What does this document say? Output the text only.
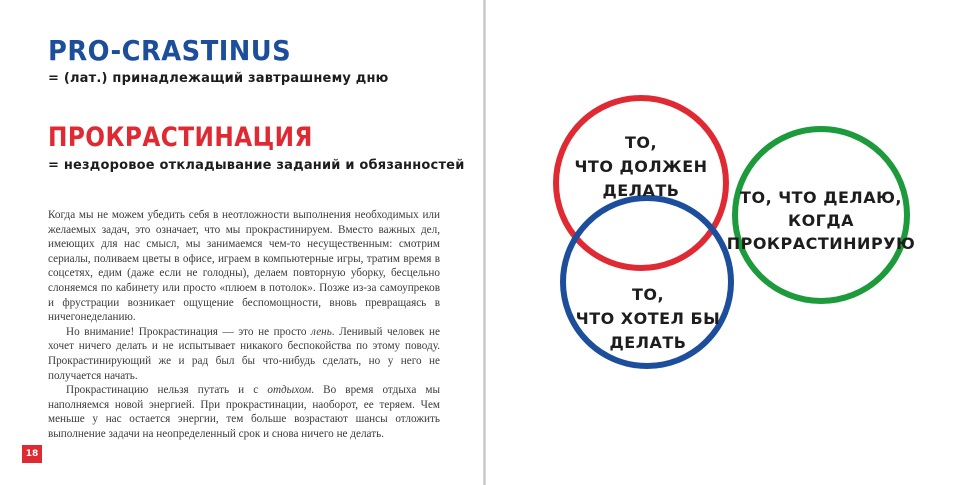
PRO-CRASTINUS
= (лат.) принадлежащий завтрашнему дню
ПРОКРАСТИНАЦИЯ
= нездоровое откладывание заданий и обязанностей

Когда мы не можем убедить себя в неотложности выполнения необходимых или желаемых задач, это означает, что мы прокрастинируем. Вместо важных дел, имеющих для нас смысл, мы занимаемся чем-то несущественным: смотрим сериалы, поливаем цветы в офисе, играем в компьютерные игры, тратим время в соцсетях, едим (даже если не голодны), делаем повторную уборку, бесцельно слоняемся по кабинету или просто «плюем в потолок». Позже из-за самоупреков и фрустрации возникает ощущение беспомощности, вновь превращаясь в ничегонеделанию.

Но внимание! Прокрастинация — это не просто лень. Ленивый человек не хочет ничего делать и не испытывает никакого беспокойства по этому поводу. Прокрастинирующий же и рад был бы что-нибудь сделать, но у него не получается начать.

Прокрастинацию нельзя путать и с отдыхом. Во время отдыха мы наполняемся новой энергией. При прокрастинации, наоборот, ее теряем. Чем меньше у нас остается энергии, тем больше возрастают шансы отложить выполнение задачи на неопределенный срок и снова ничего не делать.

18
ТО,
ЧТО ДОЛЖЕН
ДЕЛАТЬ
ТО,
ЧТО ХОТЕЛ БЫ
ДЕЛАТЬ
ТО, ЧТО ДЕЛАЮ,
КОГДА
ПРОКРАСТИНИРУЮ
